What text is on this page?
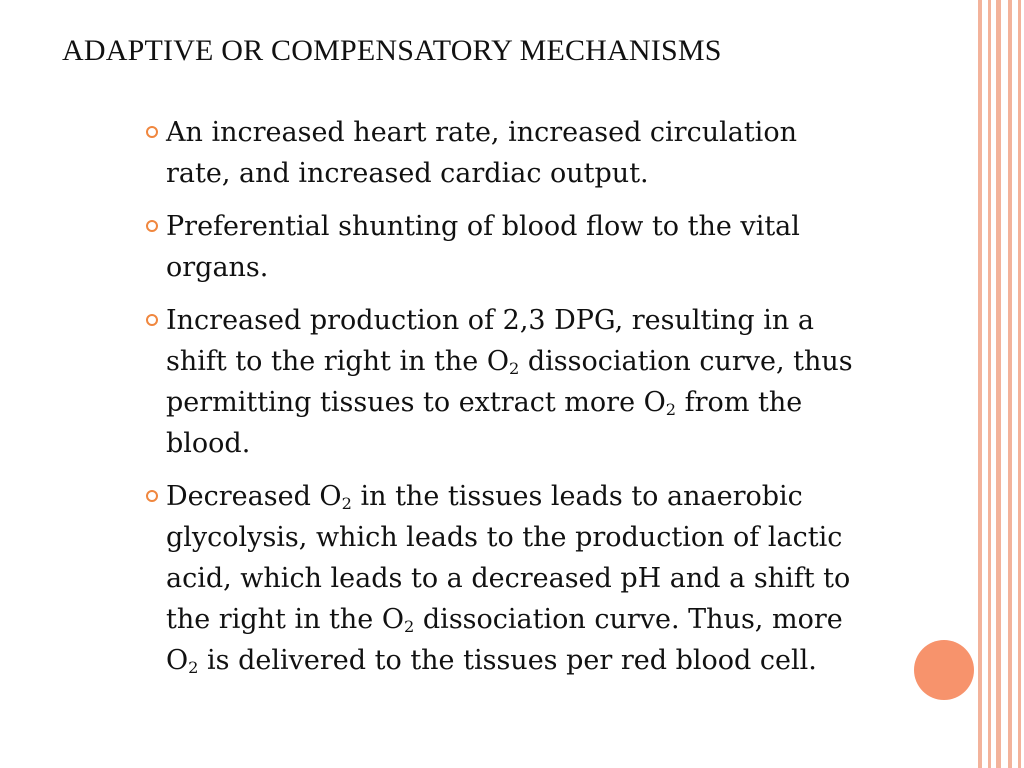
ADAPTIVE OR COMPENSATORY MECHANISMS
An increased heart rate, increased circulation rate, and increased cardiac output.
Preferential shunting of blood flow to the vital organs.
Increased production of 2,3 DPG, resulting in a shift to the right in the $O_2$ dissociation curve, thus permitting tissues to extract more $O_2$ from the blood.
Decreased $O_2$ in the tissues leads to anaerobic glycolysis, which leads to the production of lactic acid, which leads to a decreased pH and a shift to the right in the $O_2$ dissociation curve. Thus, more $O_2$ is delivered to the tissues per red blood cell.
